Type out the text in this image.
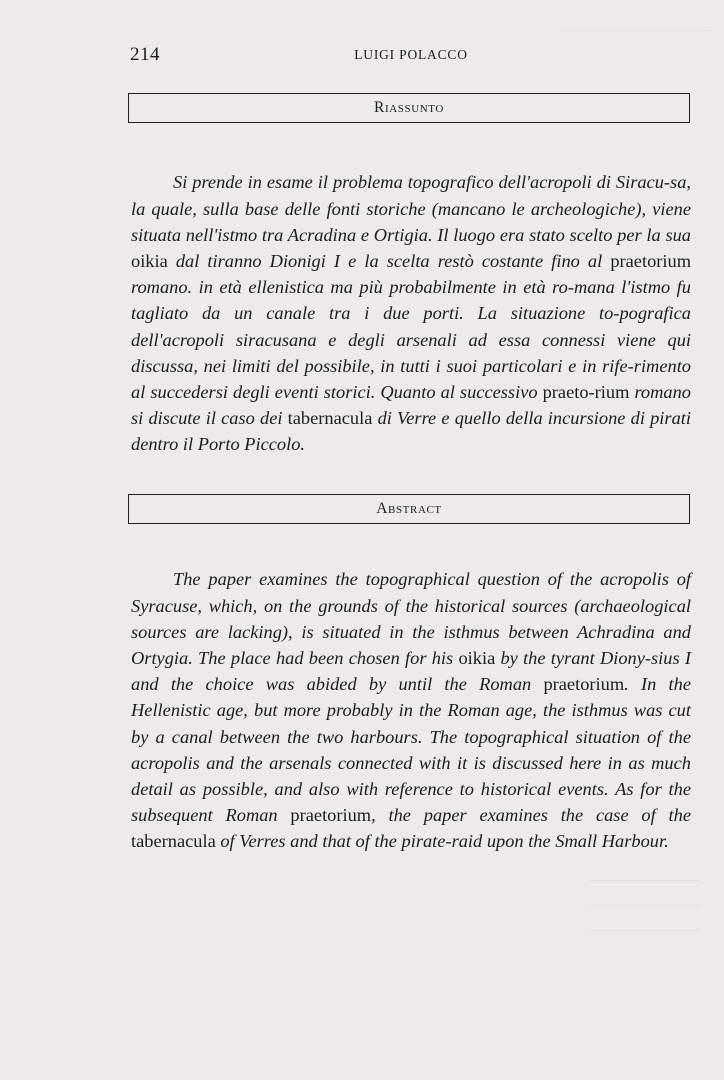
214	LUIGI POLACCO
Riassunto

Si prende in esame il problema topografico dell'acropoli di Siracu-sa, la quale, sulla base delle fonti storiche (mancano le archeologiche), viene situata nell'istmo tra Acradina e Ortigia. Il luogo era stato scelto per la sua oikia dal tiranno Dionigi I e la scelta restò costante fino al praetorium romano. in età ellenistica ma più probabilmente in età ro-mana l'istmo fu tagliato da un canale tra i due porti. La situazione to-pografica dell'acropoli siracusana e degli arsenali ad essa connessi viene qui discussa, nei limiti del possibile, in tutti i suoi particolari e in rife-rimento al succedersi degli eventi storici. Quanto al successivo praeto-rium romano si discute il caso dei tabernacula di Verre e quello della incursione di pirati dentro il Porto Piccolo.

Abstract

The paper examines the topographical question of the acropolis of Syracuse, which, on the grounds of the historical sources (archaeological sources are lacking), is situated in the isthmus between Achradina and Ortygia. The place had been chosen for his oikia by the tyrant Diony-sius I and the choice was abided by until the Roman praetorium. In the Hellenistic age, but more probably in the Roman age, the isthmus was cut by a canal between the two harbours. The topographical situation of the acropolis and the arsenals connected with it is discussed here in as much detail as possible, and also with reference to historical events. As for the subsequent Roman praetorium, the paper examines the case of the tabernacula of Verres and that of the pirate-raid upon the Small Harbour.
